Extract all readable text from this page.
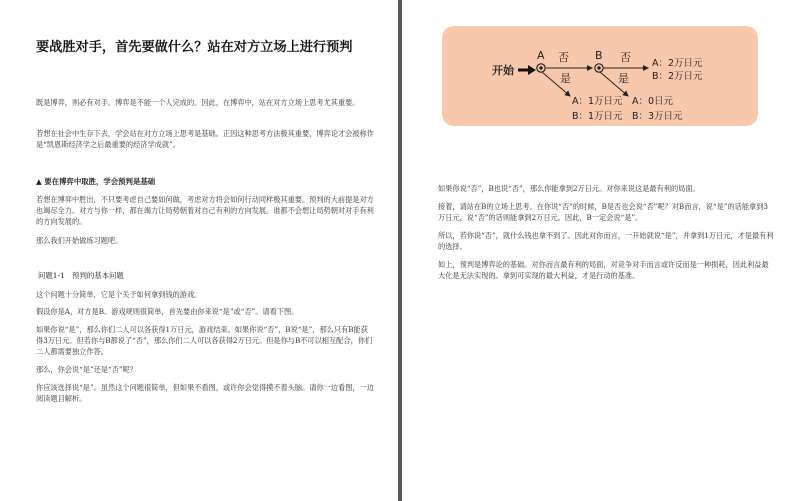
要战胜对手，首先要做什么？站在对方立场上进行预判
既是博弈，则必有对手。博弈是不能一个人完成的。因此，在博弈中，站在对方立场上思考尤其重要。
若想在社会中生存下去，学会站在对方立场上思考是基础。正因这种思考方法极其重要，博弈论才会被称作是“凯恩斯经济学之后最重要的经济学成就”。
▲ 要在博弈中取胜，学会预判是基础
若想在博弈中胜出，不只要考虑自己要如何做，考虑对方将会如何行动同样极其重要。预判的大前提是对方也竭尽全力。对方与你一样，都在竭力让局势朝着对自己有利的方向发展。谁都不会想让局势朝对对手有利的方向发展的。
那么我们开始做练习题吧。
问题1-1　预判的基本问题
这个问题十分简单，它是个关于如何拿到钱的游戏。
假设你是A，对方是B。游戏规则很简单，首先要由你来说“是”或“否”。请看下图。
如果你说“是”，那么你们二人可以各获得1万日元，游戏结束。如果你说“否”，B说“是”，那么只有B能获得3万日元。但若你与B都说了“否”，那么你们二人可以各获得2万日元。但是你与B不可以相互配合，你们二人都需要独立作答。
那么，你会说“是”还是“否”呢？
你应该选择说“是”。虽然这个问题很简单，但如果不看图，或许你会觉得摸不着头脑。请你一边看图，一边阅读题目解析。
开始
A 否 B 否 A：2万日元
B：2万日元
是
A：1万日元
B：1万日元
是
A：0日元
B：3万日元
如果你说“否”，B也说“否”，那么你能拿到2万日元。对你来说这是最有利的局面。
接着，请站在B的立场上思考。在你说“否”的时候，B是否也会说“否”呢？对B而言，说“是”的话能拿到3万日元，说“否”的话则能拿到2万日元。因此，B一定会说“是”。
所以，若你说“否”，就什么钱也拿不到了。因此对你而言，一开始就说“是”，并拿到1万日元，才是最有利的选择。
如上，预判是博弈论的基础。对你而言最有利的局面，对竞争对手而言或许反而是一种损耗，因此利益最大化是无法实现的。拿到可实现的最大利益，才是行动的基准。
